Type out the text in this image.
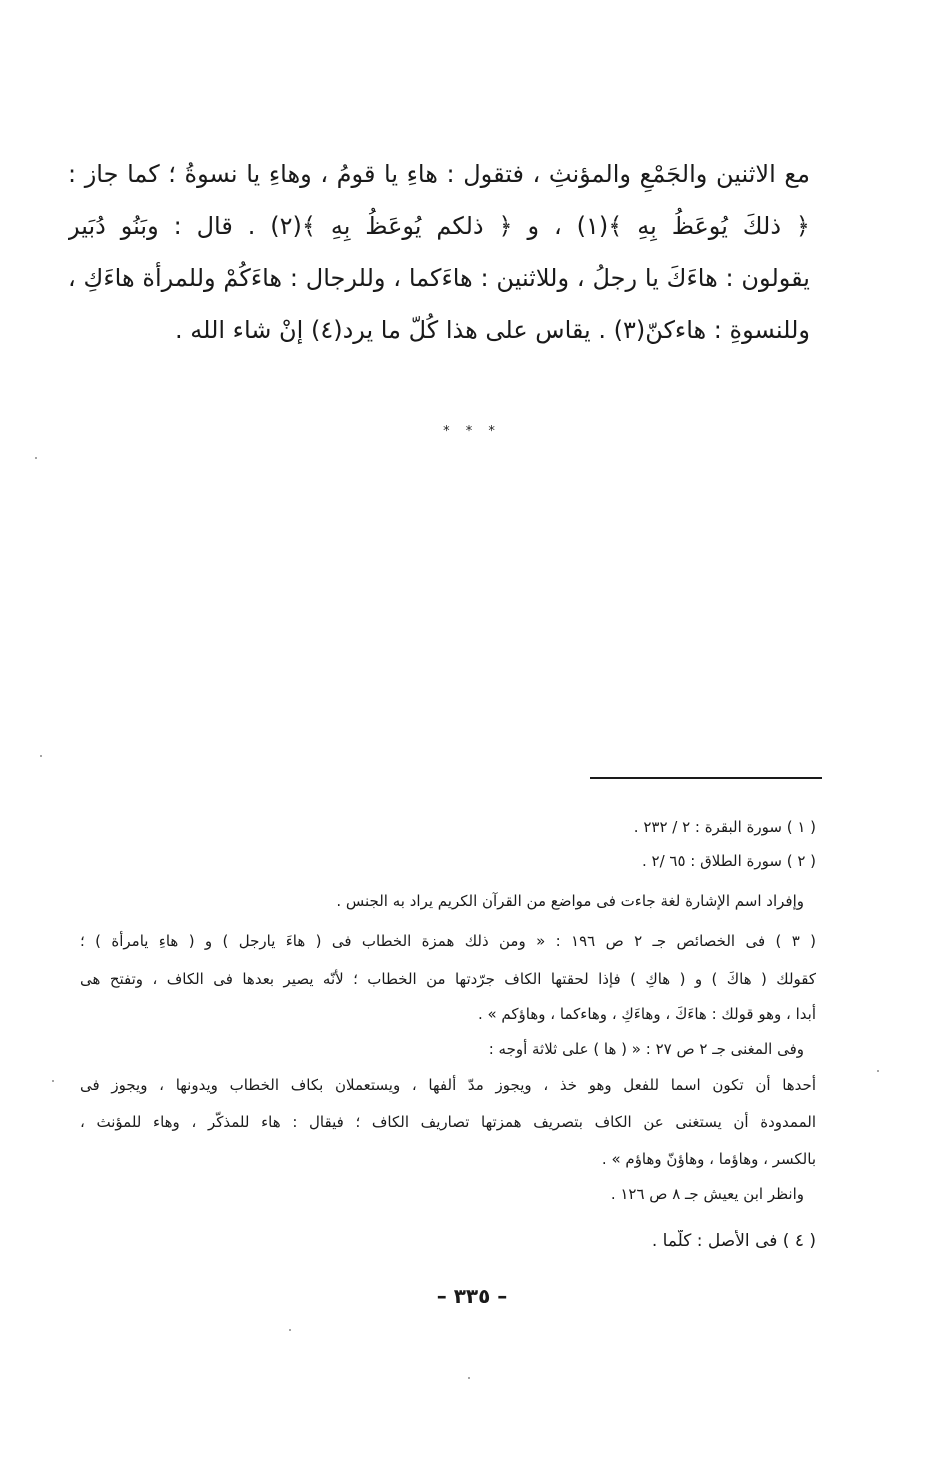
مع الاثنين والجَمْعِ والمؤنثِ ، فتقول : هاءِ يا قومُ ، وهاءِ يا نسوةُ ؛ كما جاز :
﴿ ذلكَ يُوعَظُ بِهِ ﴾(١) ، و ﴿ ذلكم يُوعَظُ بِهِ ﴾(٢) . قال : وبَنُو دُبَير
يقولون : هاءَكَ يا رجلُ ، وللاثنين : هاءَكما ، وللرجال : هاءَكُمْ وللمرأة هاءَكِ ،
وللنسوةِ : هاءكنّ(٣) . يقاس على هذا كُلّ ما يرد(٤) إنْ شاء الله .
* * *
( ١ ) سورة البقرة : ٢ / ٢٣٢ .
( ٢ ) سورة الطلاق : ٦٥ /٢ .
وإفراد اسم الإشارة لغة جاءت فى مواضع من القرآن الكريم يراد به الجنس .
( ٣ ) فى الخصائص جـ ٢ ص ١٩٦ : « ومن ذلك همزة الخطاب فى ( هاءَ يارجل ) و ( هاءِ يامرأة ) ؛
كقولك ( هاكَ ) و ( هاكِ ) فإذا لحقتها الكاف جرّدتها من الخطاب ؛ لأنّه يصير بعدها فى الكاف ، وتفتح هى
أبدا ، وهو قولك : هاءَكَ ، وهاءَكِ ، وهاءكما ، وهاؤكم » .
وفى المغنى جـ ٢ ص ٢٧ : « ( ها ) على ثلاثة أوجه :
أحدها أن تكون اسما للفعل وهو خذ ، ويجوز مدّ ألفها ، ويستعملان بكاف الخطاب ويدونها ، ويجوز فى
الممدودة أن يستغنى عن الكاف بتصريف همزتها تصاريف الكاف ؛ فيقال : هاء للمذكّر ، وهاء للمؤنث ،
بالكسر ، وهاؤما ، وهاؤنّ وهاؤم » .
وانظر ابن يعيش جـ ٨ ص ١٢٦ .
( ٤ ) فى الأصل : كلّما .
– ٣٣٥ –
